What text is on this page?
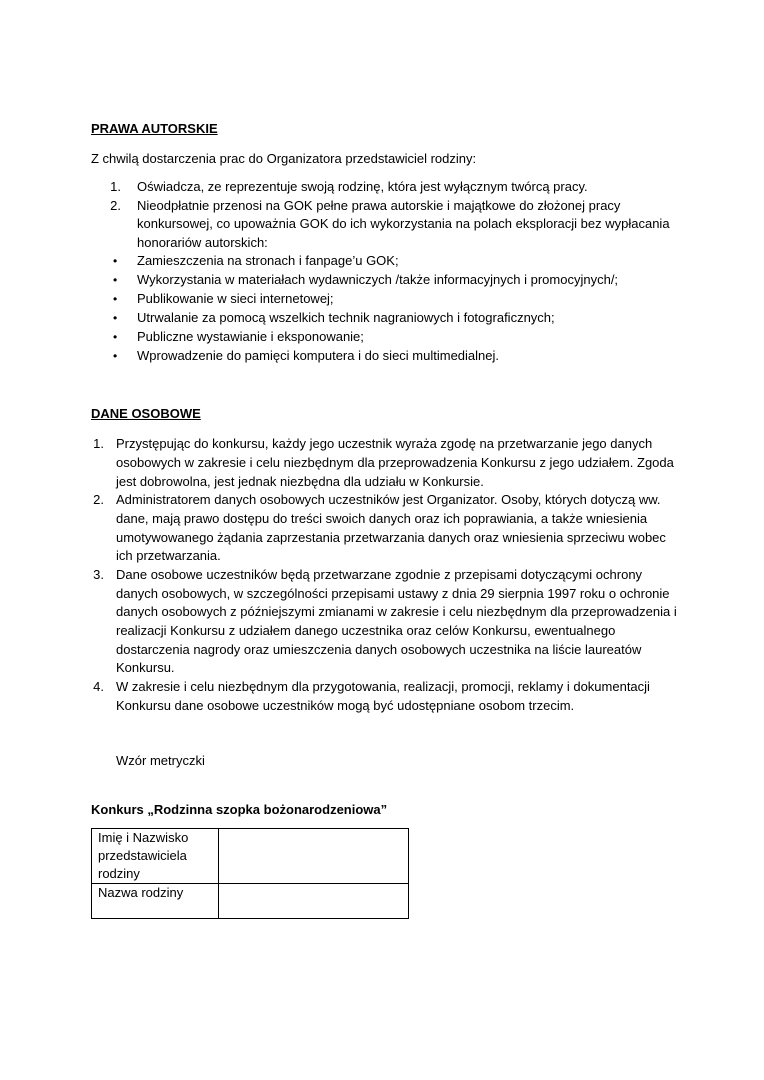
PRAWA AUTORSKIE
Z chwilą dostarczenia prac do Organizatora przedstawiciel rodziny:
1. Oświadcza, ze reprezentuje swoją rodzinę, która jest wyłącznym twórcą pracy.
2. Nieodpłatnie przenosi na GOK pełne prawa autorskie i majątkowe do złożonej pracy
konkursowej, co upoważnia GOK do ich wykorzystania na polach eksploracji bez wypłacania
honorariów autorskich:
• Zamieszczenia na stronach i fanpage’u GOK;
• Wykorzystania w materiałach wydawniczych /także informacyjnych i promocyjnych/;
• Publikowanie w sieci internetowej;
• Utrwalanie za pomocą wszelkich technik nagraniowych i fotograficznych;
• Publiczne wystawianie i eksponowanie;
• Wprowadzenie do pamięci komputera i do sieci multimedialnej.
DANE OSOBOWE
1. Przystępując do konkursu, każdy jego uczestnik wyraża zgodę na przetwarzanie jego danych
osobowych w zakresie i celu niezbędnym dla przeprowadzenia Konkursu z jego udziałem. Zgoda
jest dobrowolna, jest jednak niezbędna dla udziału w Konkursie.
2. Administratorem danych osobowych uczestników jest Organizator. Osoby, których dotyczą ww.
dane, mają prawo dostępu do treści swoich danych oraz ich poprawiania, a także wniesienia
umotywowanego żądania zaprzestania przetwarzania danych oraz wniesienia sprzeciwu wobec
ich przetwarzania.
3. Dane osobowe uczestników będą przetwarzane zgodnie z przepisami dotyczącymi ochrony
danych osobowych, w szczególności przepisami ustawy z dnia 29 sierpnia 1997 roku o ochronie
danych osobowych z późniejszymi zmianami w zakresie i celu niezbędnym dla przeprowadzenia i
realizacji Konkursu z udziałem danego uczestnika oraz celów Konkursu, ewentualnego
dostarczenia nagrody oraz umieszczenia danych osobowych uczestnika na liście laureatów
Konkursu.
4. W zakresie i celu niezbędnym dla przygotowania, realizacji, promocji, reklamy i dokumentacji
Konkursu dane osobowe uczestników mogą być udostępniane osobom trzecim.
Wzór metryczki
Konkurs „Rodzinna szopka bożonarodzeniowa”
Imię i Nazwisko
przedstawiciela
rodziny	

Nazwa rodziny	
